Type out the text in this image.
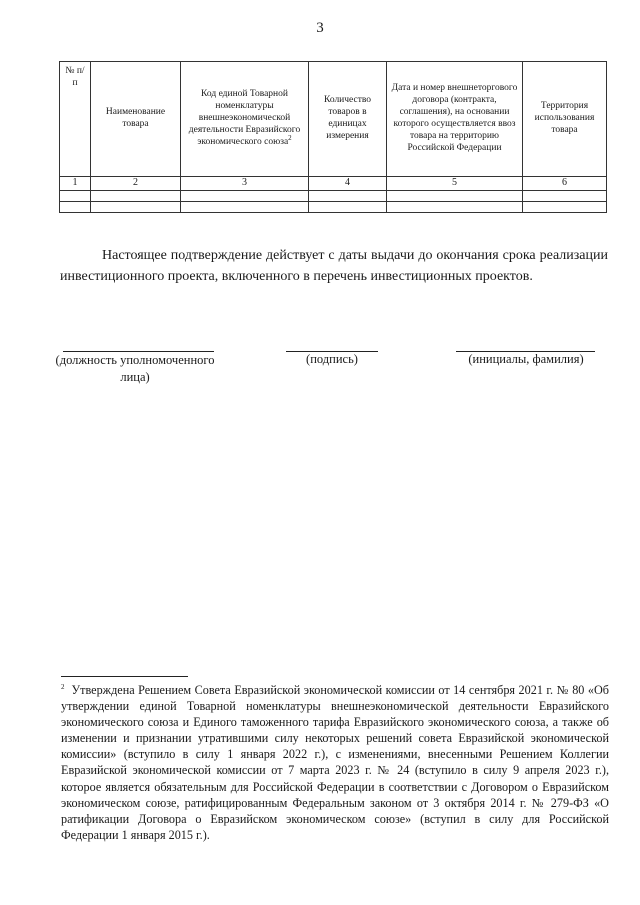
3
№ п/п	Наименование товара	Код единой Товарной номенклатуры внешнеэкономической деятельности Евразийского экономического союза$^2$	Количество товаров в единицах измерения	Дата и номер внешнеторгового договора (контракта, соглашения), на основании которого осуществляется ввоз товара на территорию Российской Федерации	Территория использования товара
1	2	3	4	5	6

Настоящее подтверждение действует с даты выдачи до окончания срока реализации инвестиционного проекта, включенного в перечень инвестиционных проектов.

(должность уполномоченного лица)
(подпись)	(инициалы, фамилия)

$^2$ Утверждена Решением Совета Евразийской экономической комиссии от 14 сентября 2021 г. № 80 «Об утверждении единой Товарной номенклатуры внешнеэкономической деятельности Евразийского экономического союза и Единого таможенного тарифа Евразийского экономического союза, а также об изменении и признании утратившими силу некоторых решений совета Евразийской экономической комиссии» (вступило в силу 1 января 2022 г.), с изменениями, внесенными Решением Коллегии Евразийской экономической комиссии от 7 марта 2023 г. № 24 (вступило в силу 9 апреля 2023 г.), которое является обязательным для Российской Федерации в соответствии с Договором о Евразийском экономическом союзе, ратифицированным Федеральным законом от 3 октября 2014 г. № 279-ФЗ «О ратификации Договора о Евразийском экономическом союзе» (вступил в силу для Российской Федерации 1 января 2015 г.).
